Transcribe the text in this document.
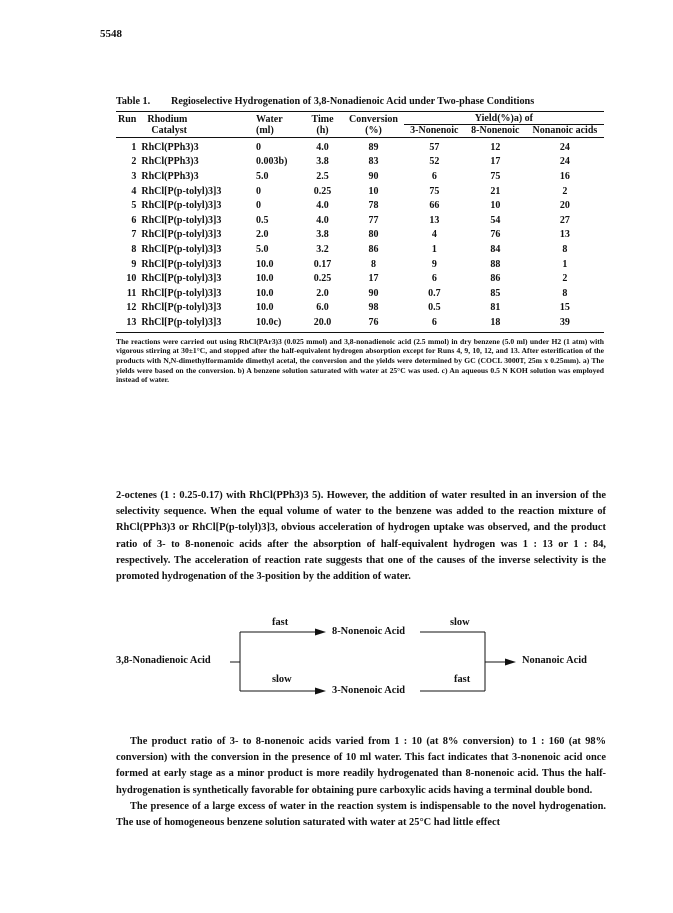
5548
Table 1. Regioselective Hydrogenation of 3,8-Nonadienoic Acid under Two-phase Conditions
Run	Rhodium	Water	Time	Conversion	Yield(%)a) of		
	Catalyst	(ml)	(h)	(%)	3-Nonenoic	8-Nonenoic	Nonanoic acids
1	RhCl(PPh3)3	0	4.0	89	57	12	24
2	RhCl(PPh3)3	0.003b)	3.8	83	52	17	24
3	RhCl(PPh3)3	5.0	2.5	90	6	75	16
4	RhCl[P(p-tolyl)3]3	0	0.25	10	75	21	2
5	RhCl[P(p-tolyl)3]3	0	4.0	78	66	10	20
6	RhCl[P(p-tolyl)3]3	0.5	4.0	77	13	54	27
7	RhCl[P(p-tolyl)3]3	2.0	3.8	80	4	76	13
8	RhCl[P(p-tolyl)3]3	5.0	3.2	86	1	84	8
9	RhCl[P(p-tolyl)3]3	10.0	0.17	8	9	88	1
10	RhCl[P(p-tolyl)3]3	10.0	0.25	17	6	86	2
11	RhCl[P(p-tolyl)3]3	10.0	2.0	90	0.7	85	8
12	RhCl[P(p-tolyl)3]3	10.0	6.0	98	0.5	81	15
13	RhCl[P(p-tolyl)3]3	10.0c)	20.0	76	6	18	39
The reactions were carried out using RhCl(PAr3)3 (0.025 mmol) and 3,8-nonadienoic acid (2.5 mmol) in dry benzene (5.0 ml) under H2 (1 atm) with vigorous stirring at 30±1°C, and stopped after the half-equivalent hydrogen absorption except for Runs 4, 9, 10, 12, and 13. After esterification of the products with N,N-dimethylformamide dimethyl acetal, the conversion and the yields were determined by GC (COCL 3000T, 25m x 0.25mm). a) The yields were based on the conversion. b) A benzene solution saturated with water at 25°C was used. c) An aqueous 0.5 N KOH solution was employed instead of water.

2-octenes (1 : 0.25-0.17) with RhCl(PPh3)3 5). However, the addition of water resulted in an inversion of the selectivity sequence. When the equal volume of water to the benzene was added to the reaction mixture of RhCl(PPh3)3 or RhCl[P(p-tolyl)3]3, obvious acceleration of hydrogen uptake was observed, and the product ratio of 3- to 8-nonenoic acids after the absorption of half-equivalent hydrogen was 1 : 13 or 1 : 84, respectively. The acceleration of reaction rate suggests that one of the causes of the inverse selectivity is the promoted hydrogenation of the 3-position by the addition of water.

3,8-Nonadienoic Acid
fast	slow
8-Nonenoic Acid
slow	fast
3-Nonenoic Acid
Nonanoic Acid

The product ratio of 3- to 8-nonenoic acids varied from 1 : 10 (at 8% conversion) to 1 : 160 (at 98% conversion) with the conversion in the presence of 10 ml water. This fact indicates that 3-nonenoic acid once formed at early stage as a minor product is more readily hydrogenated than 8-nonenoic acid. Thus the half-hydrogenation is synthetically favorable for obtaining pure carboxylic acids having a terminal double bond.

The presence of a large excess of water in the reaction system is indispensable to the novel hydrogenation. The use of homogeneous benzene solution saturated with water at 25°C had little effect
